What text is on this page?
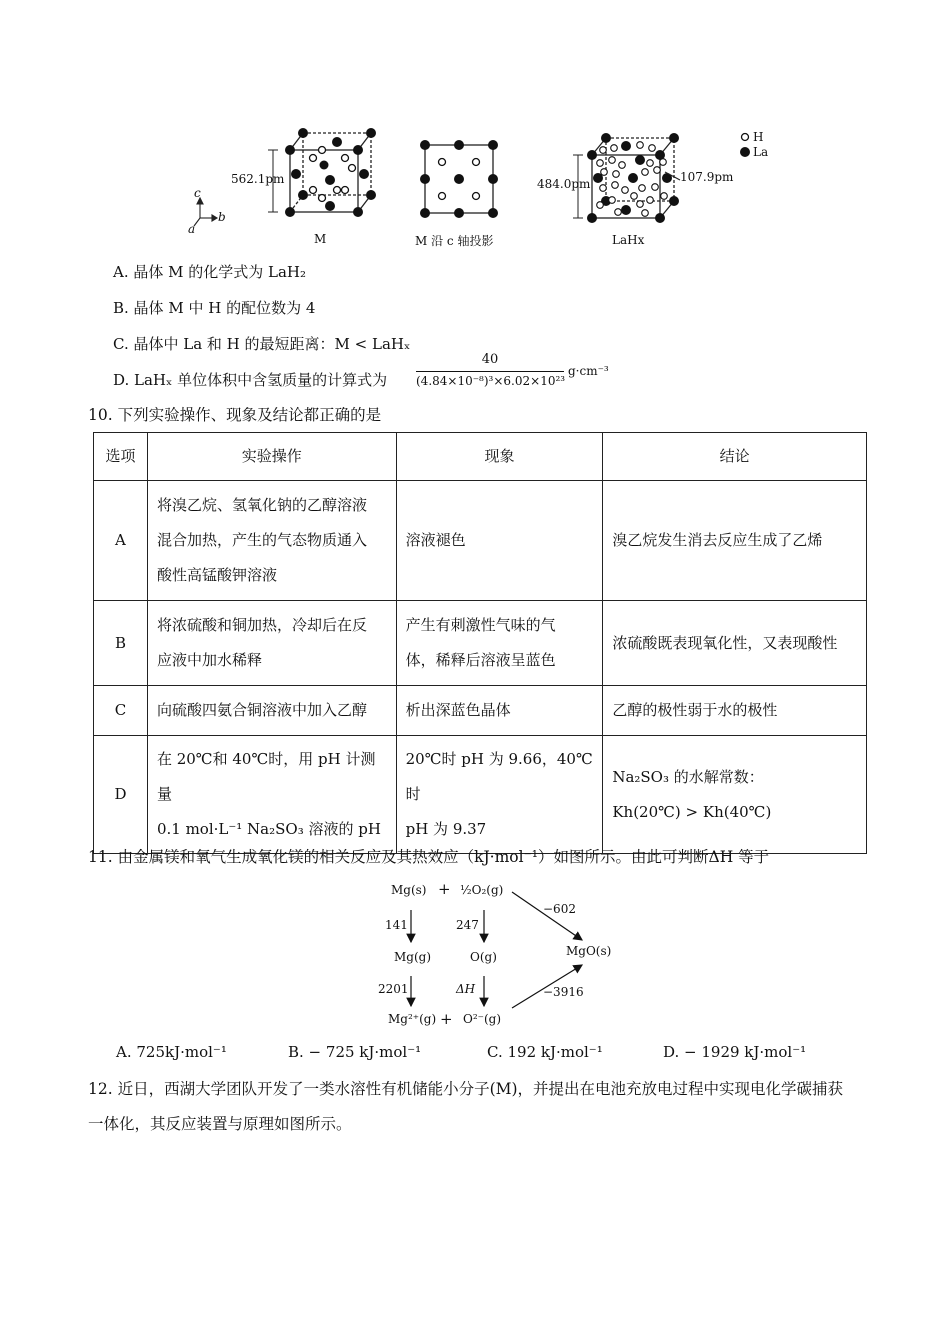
562.1pm
c
b
a
M	M 沿 c 轴投影
484.0pm	107.9pm
LaHx
H
La
A. 晶体 M 的化学式为 LaH₂
B. 晶体 M 中 H 的配位数为 4
C. 晶体中 La 和 H 的最短距离：M < LaHₓ
D. LaHₓ 单位体积中含氢质量的计算式为
40
(4.84×10⁻⁸)³×6.02×10²³
g·cm⁻³
10. 下列实验操作、现象及结论都正确的是
选项	实验操作	现象	结论
A	将溴乙烷、氢氧化钠的乙醇溶液
混合加热，产生的气态物质通入
酸性高锰酸钾溶液	溶液褪色	溴乙烷发生消去反应生成了乙烯

B	将浓硫酸和铜加热，冷却后在反
应液中加水稀释	产生有刺激性气味的气
体，稀释后溶液呈蓝色	浓硫酸既表现氧化性，又表现酸性

C	向硫酸四氨合铜溶液中加入乙醇	析出深蓝色晶体	乙醇的极性弱于水的极性

D	在 20℃和 40℃时，用 pH 计测量
0.1 mol·L⁻¹ Na₂SO₃ 溶液的 pH	20℃时 pH 为 9.66，40℃时
pH 为 9.37	Na₂SO₃ 的水解常数：
Kh(20℃) > Kh(40℃)
11. 由金属镁和氧气生成氧化镁的相关反应及其热效应（kJ·mol⁻¹）如图所示。由此可判断ΔH 等于
Mg(s) + ½O₂(g)
141	247
Mg(g)	O(g)
2201	ΔH
Mg²⁺(g) + O²⁻(g)
MgO(s)
−602
−3916
A. 725kJ·mol⁻¹	B. − 725 kJ·mol⁻¹	C. 192 kJ·mol⁻¹	D. − 1929 kJ·mol⁻¹
12. 近日，西湖大学团队开发了一类水溶性有机储能小分子(M)，并提出在电池充放电过程中实现电化学碳捕获
一体化，其反应装置与原理如图所示。
